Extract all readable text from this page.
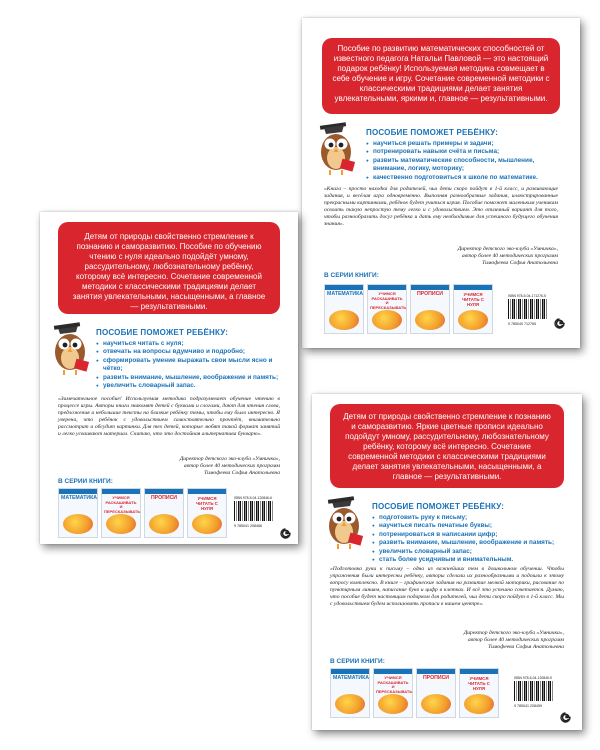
Пособие по развитию математических способностей от известного педагога Натальи Павловой — это настоящий подарок ребёнку! Используемая методика совмещает в себе обучение и игру. Сочетание современной методики с классическими традициями делает занятия увлекательными, яркими и, главное — результативными.
ПОСОБИЕ ПОМОЖЕТ РЕБЁНКУ:
● научиться решать примеры и задачи;
● потренировать навыки счёта и письма;
● развить математические способности, мышление, внимание, логику, моторику;
● качественно подготовиться к школе по математике.
«Книга – просто находка для родителей, чьи дети скоро пойдут в 1-й класс, и развивающие задания, и весёлая игра одновременно. Выполняя разнообразные задания, иллюстрированные прекрасными картинками, ребёнок будет учиться играя. Пособие поможет маленьким ученикам освоить такую непростую тему легко и с удовольствием. Это отличный вариант для того, чтобы разнообразить досуг ребёнка и дать ему необходимые для успешного будущего обучения знания».
Директор детского эко-клуба «Умничка»,
автор более 40 методических программ
Тимофеева Софья Анатольевна
В СЕРИИ КНИГИ:
МАТЕМАТИКА	УЧИМСЯ РАСКАШИВАТЬ И ПЕРЕСКАЗЫВАТЬ
ПРОПИСИ	УЧИМСЯ ЧИТАТЬ С НУЛЯ
ISBN 978-5-04-171276-5
9 785040 712765
Детям от природы свойственно стремление к познанию и саморазвитию. Пособие по обучению чтению с нуля идеально подойдёт умному, рассудительному, любознательному ребёнку, которому всё интересно. Сочетание современной методики с классическими традициями делает занятия увлекательными, насыщенными, а главное — результативными.
ПОСОБИЕ ПОМОЖЕТ РЕБЁНКУ:
● научиться читать с нуля;
● отвечать на вопросы вдумчиво и подробно;
● сформировать умение выражать свои мысли ясно и чётко;
● развить внимание, мышление, воображение и память;
● увеличить словарный запас.
«Замечательное пособие! Используемая методика подразумевает обучение чтению в процессе игры. Авторы книги знакомят детей с буквами и слогами, дают для чтения слова, предложения и небольшие тексты на близкие ребёнку темы, чтобы ему было интересно. Я уверена, что ребёнок с удовольствием самостоятельно прочтёт, внимательно рассмотрит и обсудит картинки. Для тех детей, которые любят такой формат занятий и легко усваивают материал. Считаю, что это достойная альтернатива букварю».
Директор детского эко-клуба «Умничка»,
автор более 40 методических программ
Тимофеева Софья Анатольевна
В СЕРИИ КНИГИ:
МАТЕМАТИКА	УЧИМСЯ РАСКАШИВАТЬ И ПЕРЕСКАЗЫВАТЬ
ПРОПИСИ	УЧИМСЯ ЧИТАТЬ С НУЛЯ
ISBN 978-5-04-120846-6
9 785041 208466
Детям от природы свойственно стремление к познанию и саморазвитию. Яркие цветные прописи идеально подойдут умному, рассудительному, любознательному ребёнку, которому всё интересно. Сочетание современной методики с классическими традициями делает занятия увлекательными, насыщенными, а главное — результативными.
ПОСОБИЕ ПОМОЖЕТ РЕБЁНКУ:
● подготовить руку к письму;
● научиться писать печатные буквы;
● потренироваться в написании цифр;
● развить внимание, мышление, воображение и память;
● увеличить словарный запас;
● стать более усидчивым и внимательным.
«Подготовка руки к письму – одна из важнейших тем в дошкольном обучении. Чтобы упражнения были интересны ребёнку, авторы сделали их разнообразными и подошли к этому вопросу комплексно. В книге – графические задания на развитие мелкой моторики, рисование по пунктирным линиям, написание букв и цифр в клетках. И всё это успешно сочетается. Думаю, что пособие будет настоящим подарком для родителей, чьи дети скоро пойдут в 1-й класс. Мы с удовольствием будем использовать прописи в нашем центре».
Директор детского эко-клуба «Умничка»,
автор более 40 методических программ
Тимофеева Софья Анатольевна
В СЕРИИ КНИГИ:
МАТЕМАТИКА	УЧИМСЯ РАСКАШИВАТЬ И ПЕРЕСКАЗЫВАТЬ
ПРОПИСИ	УЧИМСЯ ЧИТАТЬ С НУЛЯ
ISBN 978-5-04-120845-9
9 785041 208459
